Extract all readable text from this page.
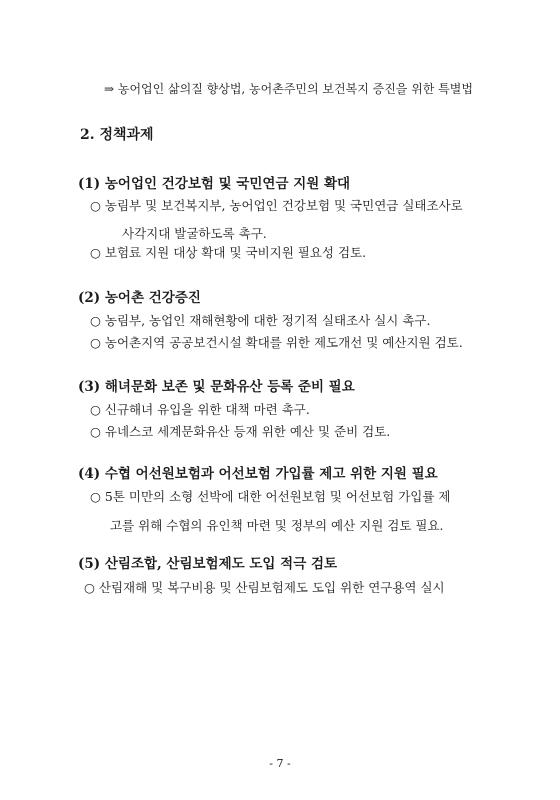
⇒ 농어업인 삶의질 향상법, 농어촌주민의 보건복지 증진을 위한 특별법
2. 정책과제
(1) 농어업인 건강보험 및 국민연금 지원 확대
○ 농림부 및 보건복지부, 농어업인 건강보험 및 국민연금 실태조사로
사각지대 발굴하도록 촉구.
○ 보험료 지원 대상 확대 및 국비지원 필요성 검토.
(2) 농어촌 건강증진
○ 농림부, 농업인 재해현황에 대한 정기적 실태조사 실시 촉구.
○ 농어촌지역 공공보건시설 확대를 위한 제도개선 및 예산지원 검토.
(3) 해녀문화 보존 및 문화유산 등록 준비 필요
○ 신규해녀 유입을 위한 대책 마련 촉구.
○ 유네스코 세계문화유산 등재 위한 예산 및 준비 검토.
(4) 수협 어선원보험과 어선보험 가입률 제고 위한 지원 필요
○ 5톤 미만의 소형 선박에 대한 어선원보험 및 어선보험 가입률 제
고를 위해 수협의 유인책 마련 및 정부의 예산 지원 검토 필요.
(5) 산림조합, 산림보험제도 도입 적극 검토
○ 산림재해 및 복구비용 및 산림보험제도 도입 위한 연구용역 실시
- 7 -
